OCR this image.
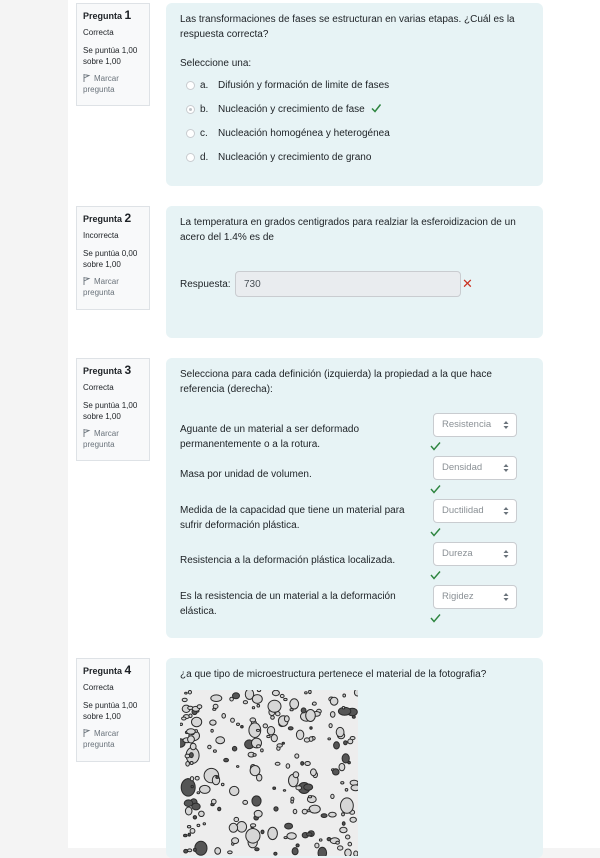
Pregunta 1
Correcta
Se puntúa 1,00 sobre 1,00
Marcar pregunta

Las transformaciones de fases se estructuran en varias etapas. ¿Cuál es la respuesta correcta?

Seleccione una:

a. Difusión y formación de limite de fases
b. Nucleación y crecimiento de fase
c. Nucleación homogénea y heterogénea
d. Nucleación y crecimiento de grano
Pregunta 2
Incorrecta
Se puntúa 0,00 sobre 1,00
Marcar pregunta

La temperatura en grados centigrados para realziar la esferoidizacion de un acero del 1.4% es de

Respuesta:	730	✕
Pregunta 3
Correcta
Se puntúa 1,00 sobre 1,00
Marcar pregunta

Selecciona para cada definición (izquierda) la propiedad a la que hace referencia (derecha):

Aguante de un material a ser deformado permanentemente o a la rotura.
Resistencia
Masa por unidad de volumen.
Densidad
Medida de la capacidad que tiene un material para sufrir deformación plástica.
Ductilidad
Resistencia a la deformación plástica localizada.
Dureza
Es la resistencia de un material a la deformación elástica.
Rigidez
Pregunta 4
Correcta
Se puntúa 1,00 sobre 1,00
Marcar pregunta

¿a que tipo de microestructura pertenece el material de la fotografia?
